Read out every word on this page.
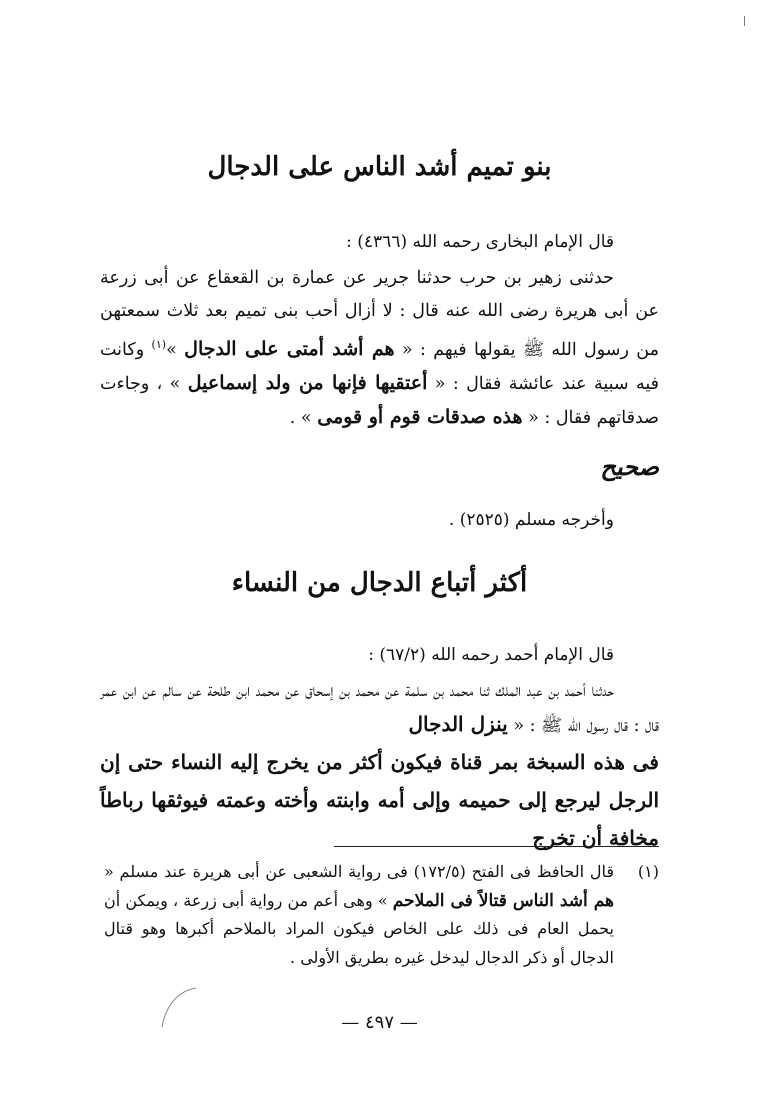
بنو تميم أشد الناس على الدجال
قال الإمام البخارى رحمه الله (٤٣٦٦) :

حدثنى زهير بن حرب حدثنا جرير عن عمارة بن القعقاع عن أبى زرعة عن أبى هريرة رضى الله عنه قال : لا أزال أحب بنى تميم بعد ثلاث سمعتهن من رسول الله ﷺ يقولها فيهم : « هم أشد أمتى على الدجال »$^{(١)}$ وكانت فيه سبية عند عائشة فقال : « أعتقيها فإنها من ولد إسماعيل » ، وجاءت صدقاتهم فقال : « هذه صدقات قوم أو قومى » .

صحيح
وأخرجه مسلم (٢٥٢٥) .
أكثر أتباع الدجال من النساء
قال الإمام أحمد رحمه الله (٦٧/٢) :

حدثنا أحمد بن عبد الملك ثنا محمد بن سلمة عن محمد بن إسحاق عن محمد ابن طلحة عن سالم عن ابن عمر قال : قال رسول الله ﷺ : « ينزل الدجال

فى هذه السبخة بمر قناة فيكون أكثر من يخرج إليه النساء حتى إن الرجل ليرجع إلى حميمه وإلى أمه وابنته وأخته وعمته فيوثقها رباطاً مخافة أن تخرج

(١)
قال الحافظ فى الفتح (١٧٢/٥) فى رواية الشعبى عن أبى هريرة عند مسلم « هم أشد الناس قتالاً فى الملاحم » وهى أعم من رواية أبى زرعة ، ويمكن أن يحمل العام فى ذلك على الخاص فيكون المراد بالملاحم أكبرها وهو قتال الدجال أو ذكر الدجال ليدخل غيره بطريق الأولى .
— ٤٩٧ —
